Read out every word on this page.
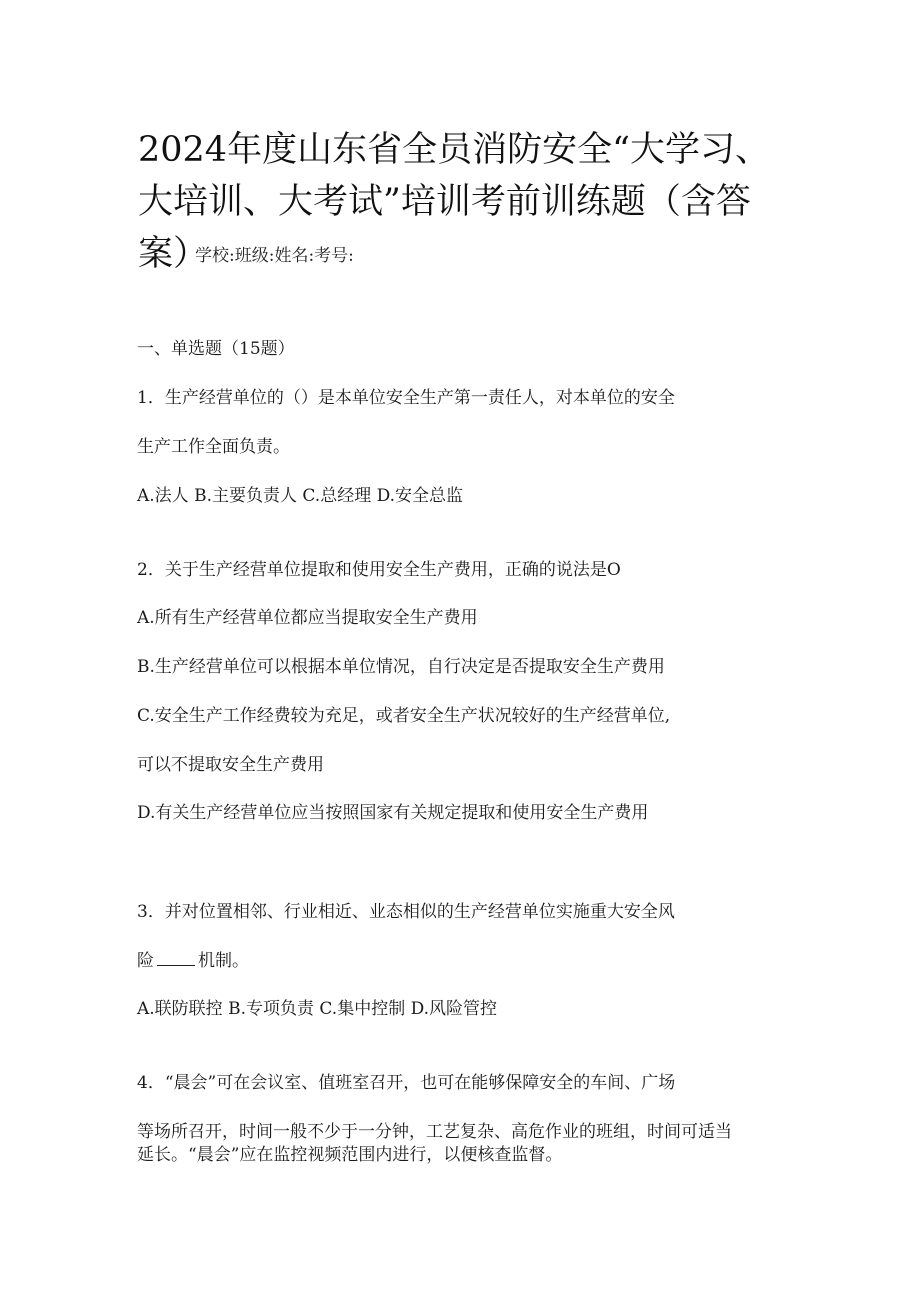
2024年度山东省全员消防安全“大学习、大培训、大考试”培训考前训练题（含答案）
学校:班级:姓名:考号:
一、单选题（15题）
1．生产经营单位的（）是本单位安全生产第一责任人，对本单位的安全
生产工作全面负责。
A.法人 B.主要负责人 C.总经理 D.安全总监
2．关于生产经营单位提取和使用安全生产费用，正确的说法是O
A.所有生产经营单位都应当提取安全生产费用
B.生产经营单位可以根据本单位情况，自行决定是否提取安全生产费用
C.安全生产工作经费较为充足，或者安全生产状况较好的生产经营单位,
可以不提取安全生产费用
D.有关生产经营单位应当按照国家有关规定提取和使用安全生产费用
3．并对位置相邻、行业相近、业态相似的生产经营单位实施重大安全风
险	机制。
A.联防联控 B.专项负责 C.集中控制 D.风险管控
4．“晨会”可在会议室、值班室召开，也可在能够保障安全的车间、广场
等场所召开，时间一般不少于一分钟，工艺复杂、高危作业的班组，时间可适当
延长。“晨会”应在监控视频范围内进行，以便核查监督。
